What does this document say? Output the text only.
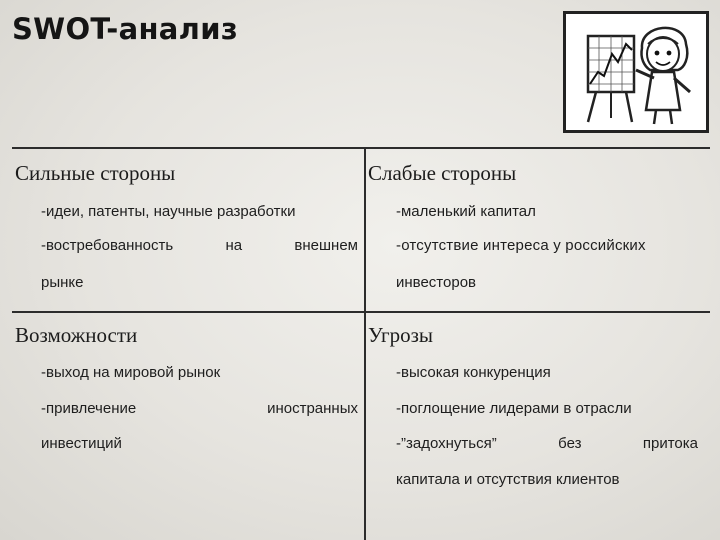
SWOT-анализ
Сильные стороны
-идеи, патенты, научные разработки
-востребованность	на	внешнем
рынке
Слабые стороны
-маленький капитал
-отсутствие интереса у российских
инвесторов
Возможности
-выход на мировой рынок
-привлечение	иностранных
инвестиций
Угрозы
-высокая конкуренция
-поглощение лидерами в отрасли
-”задохнуться”	без	притока
капитала и отсутствия клиентов
